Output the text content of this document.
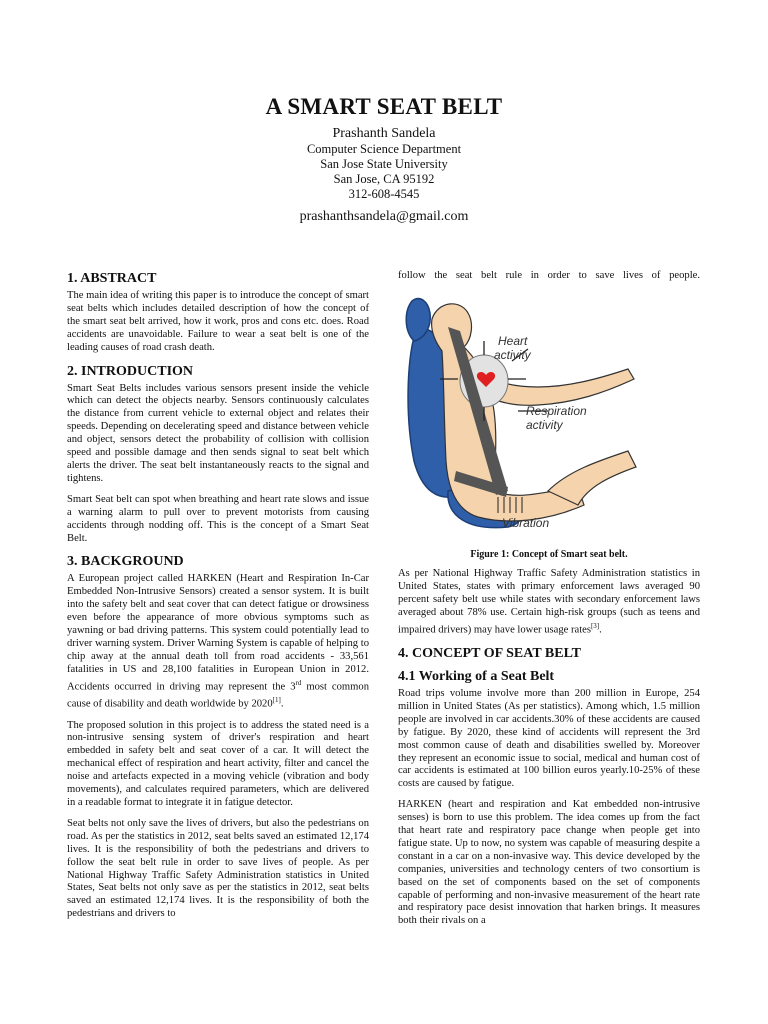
A SMART SEAT BELT
Prashanth Sandela
Computer Science Department
San Jose State University
San Jose, CA 95192
312-608-4545
prashanthsandela@gmail.com
1. ABSTRACT

The main idea of writing this paper is to introduce the concept of smart seat belts which includes detailed description of how the concept of the smart seat belt arrived, how it work, pros and cons etc. does. Road accidents are unavoidable. Failure to wear a seat belt is one of the leading causes of road crash death.

2. INTRODUCTION

Smart Seat Belts includes various sensors present inside the vehicle which can detect the objects nearby. Sensors continuously calculates the distance from current vehicle to external object and relates their speeds. Depending on decelerating speed and distance between vehicle and object, sensors detect the probability of collision with collision speed and possible damage and then sends signal to seat belt which alerts the driver. The seat belt instantaneously reacts to the signal and tightens.

Smart Seat belt can spot when breathing and heart rate slows and issue a warning alarm to pull over to prevent motorists from causing accidents through nodding off. This is the concept of a Smart Seat Belt.

3. BACKGROUND

A European project called HARKEN (Heart and Respiration In-Car Embedded Non-Intrusive Sensors) created a sensor system. It is built into the safety belt and seat cover that can detect fatigue or drowsiness even before the appearance of more obvious symptoms such as yawning or bad driving patterns. This system could potentially lead to driver warning system. Driver Warning System is capable of helping to chip away at the annual death toll from road accidents - 33,561 fatalities in US and 28,100 fatalities in European Union in 2012. Accidents occurred in driving may represent the 3rd most common cause of disability and death worldwide by 2020[1].

The proposed solution in this project is to address the stated need is a non-intrusive sensing system of driver's respiration and heart embedded in safety belt and seat cover of a car. It will detect the mechanical effect of respiration and heart activity, filter and cancel the noise and artefacts expected in a moving vehicle (vibration and body movements), and calculates required parameters, which are delivered in a readable format to integrate it in fatigue detector.

Seat belts not only save the lives of drivers, but also the pedestrians on road. As per the statistics in 2012, seat belts saved an estimated 12,174 lives. It is the responsibility of both the pedestrians and drivers to follow the seat belt rule in order to save lives of people. As per National Highway Traffic Safety Administration statistics in United States, Seat belts not only save as per the statistics in 2012, seat belts saved an estimated 12,174 lives. It is the responsibility of both the pedestrians and drivers to

follow the seat belt rule in order to save lives of people.

Heart
activity
Respiration
activity
Vibration
Figure 1: Concept of Smart seat belt.

As per National Highway Traffic Safety Administration statistics in United States, states with primary enforcement laws averaged 90 percent safety belt use while states with secondary enforcement laws averaged about 78% use. Certain high-risk groups (such as teens and impaired drivers) may have lower usage rates[3].

4. CONCEPT OF SEAT BELT
4.1 Working of a Seat Belt

Road trips volume involve more than 200 million in Europe, 254 million in United States (As per statistics). Among which, 1.5 million people are involved in car accidents.30% of these accidents are caused by fatigue. By 2020, these kind of accidents will represent the 3rd most common cause of death and disabilities swelled by. Moreover they represent an economic issue to social, medical and human cost of car accidents is estimated at 100 billion euros yearly.10-25% of these costs are caused by fatigue.

HARKEN (heart and respiration and Kat embedded non-intrusive senses) is born to use this problem. The idea comes up from the fact that heart rate and respiratory pace change when people get into fatigue state. Up to now, no system was capable of measuring despite a constant in a car on a non-invasive way. This device developed by the companies, universities and technology centers of two consortium is based on the set of components based on the set of components capable of performing and non-invasive measurement of the heart rate and respiratory pace desist innovation that harken brings. It measures both their rivals on a
